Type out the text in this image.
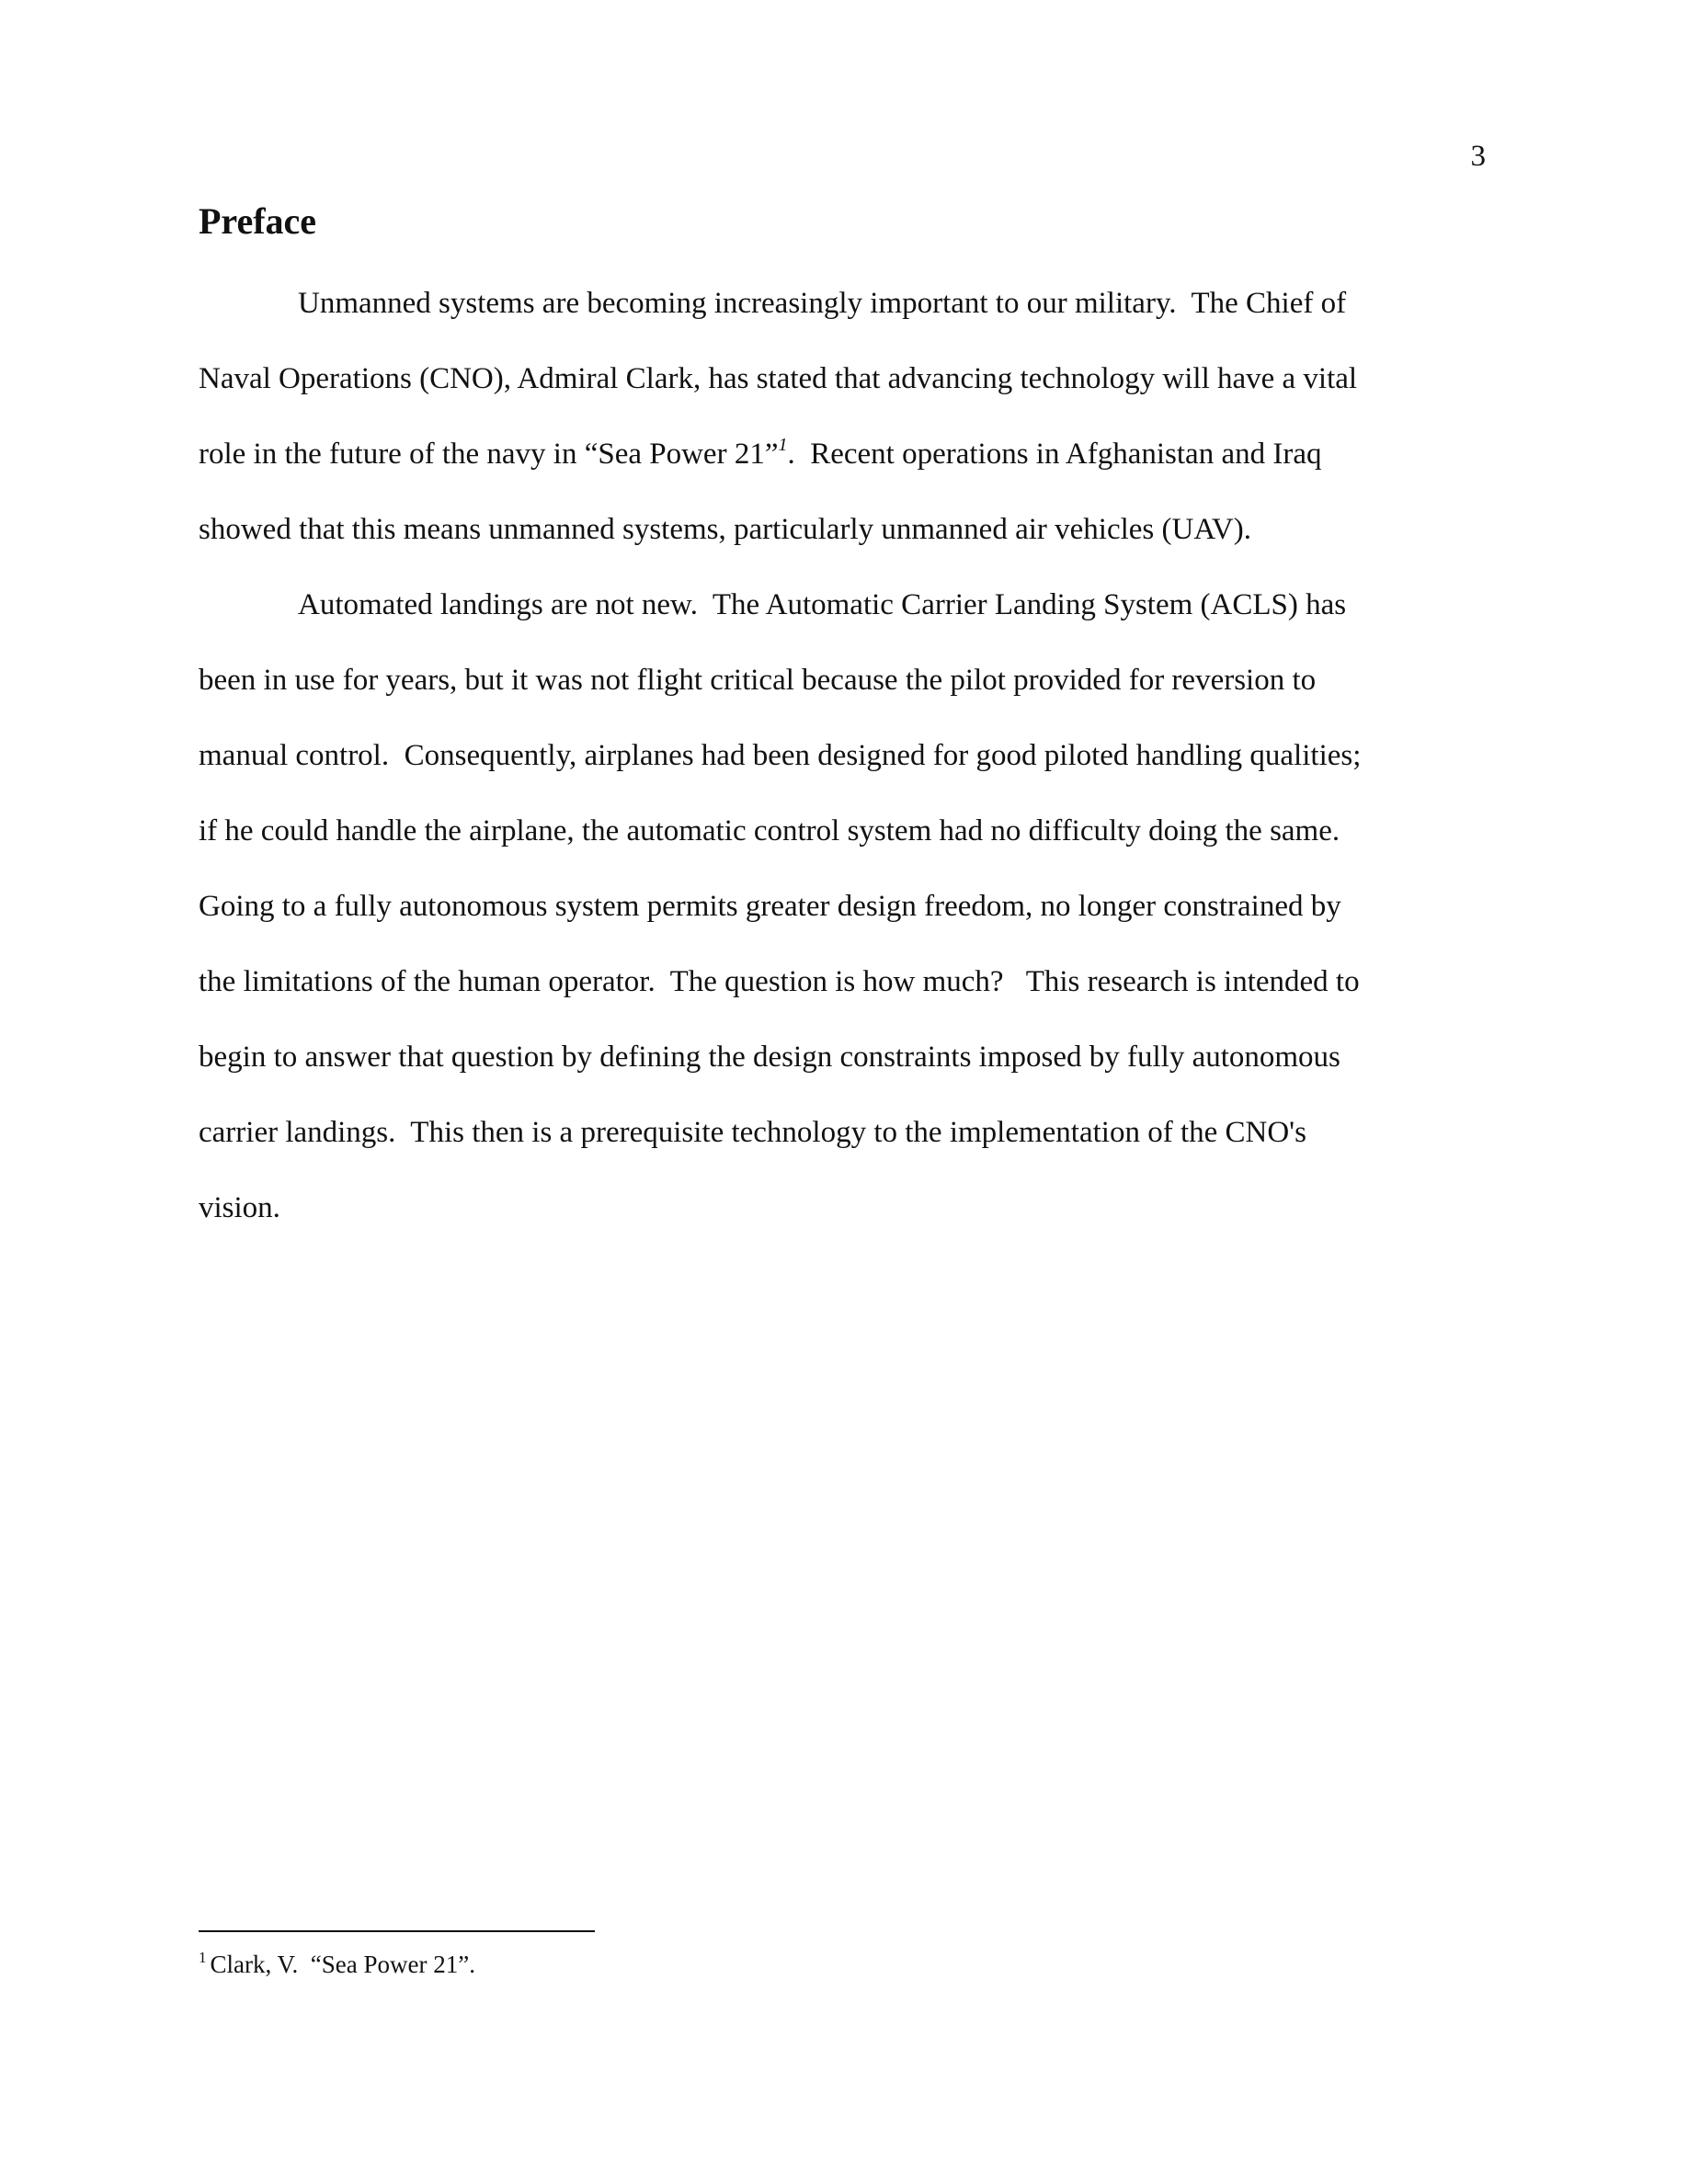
3
Preface
Unmanned systems are becoming increasingly important to our military.  The Chief of
Naval Operations (CNO), Admiral Clark, has stated that advancing technology will have a vital
role in the future of the navy in “Sea Power 21”$^1$.  Recent operations in Afghanistan and Iraq
showed that this means unmanned systems, particularly unmanned air vehicles (UAV).
Automated landings are not new.  The Automatic Carrier Landing System (ACLS) has
been in use for years, but it was not flight critical because the pilot provided for reversion to
manual control.  Consequently, airplanes had been designed for good piloted handling qualities;
if he could handle the airplane, the automatic control system had no difficulty doing the same.
Going to a fully autonomous system permits greater design freedom, no longer constrained by
the limitations of the human operator.  The question is how much?   This research is intended to
begin to answer that question by defining the design constraints imposed by fully autonomous
carrier landings.  This then is a prerequisite technology to the implementation of the CNO's
vision.
$^1$ Clark, V.  “Sea Power 21”.
